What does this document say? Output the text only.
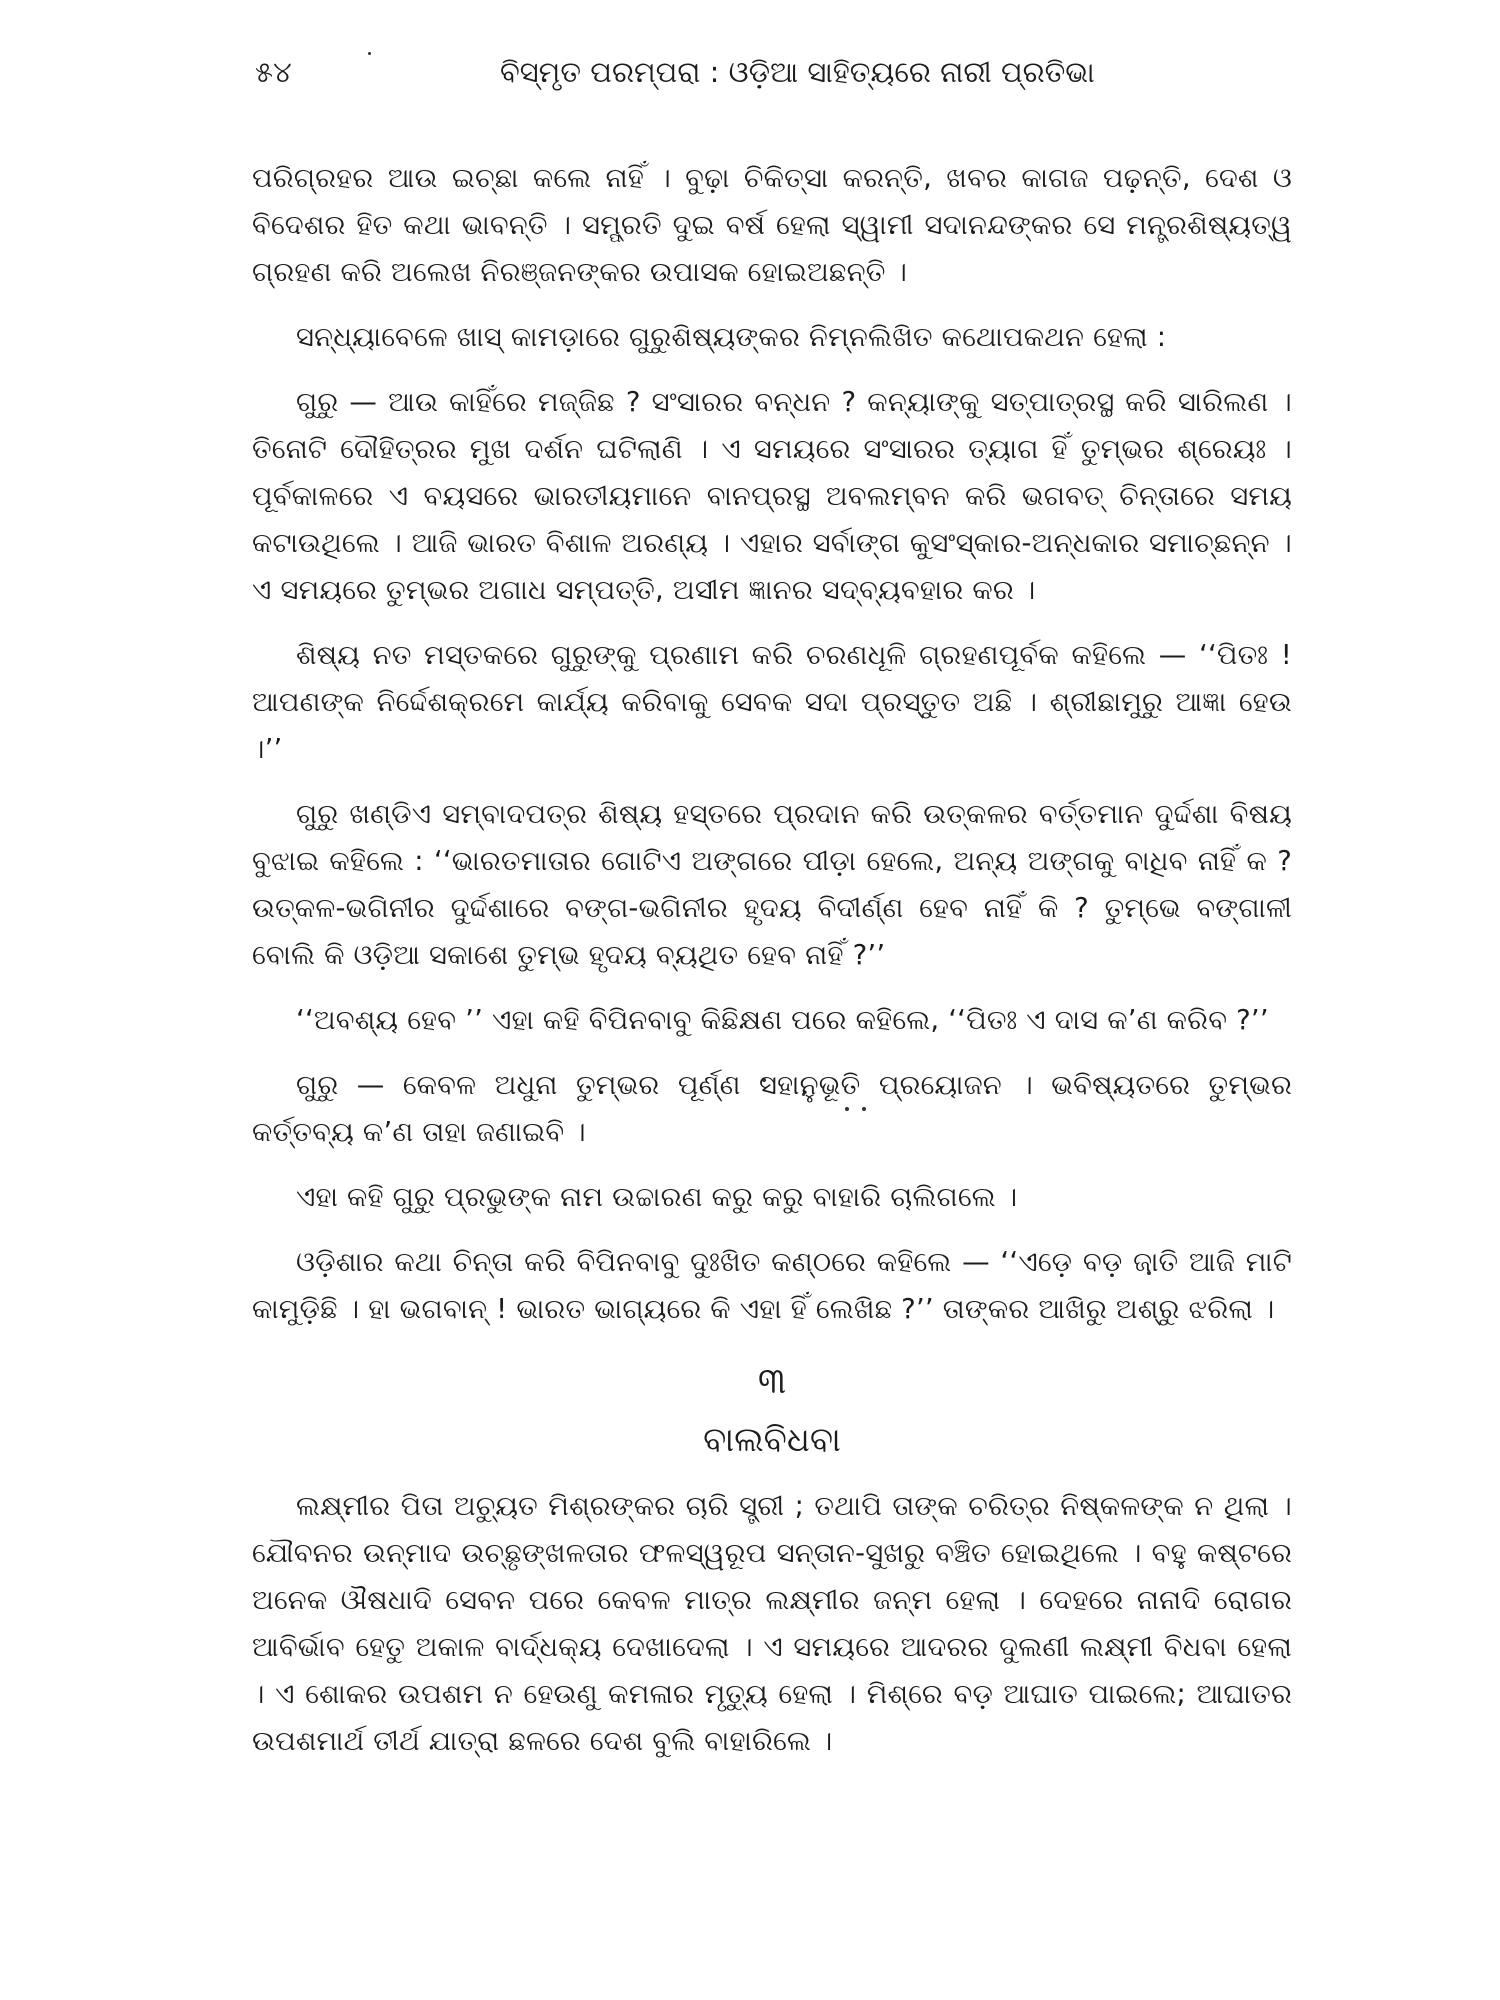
୫୪	ବିସ୍ମୃତ ପରମ୍ପରା : ଓଡ଼ିଆ ସାହିତ୍ୟରେ ନାରୀ ପ୍ରତିଭା

ପରିଗ୍ରହର ଆଉ ଇଚ୍ଛା କଲେ ନାହିଁ । ବୁଢ଼ା ଚିକିତ୍ସା କରନ୍ତି, ଖବର କାଗଜ ପଢ଼ନ୍ତି, ଦେଶ ଓ ବିଦେଶର ହିତ କଥା ଭାବନ୍ତି । ସମ୍ପ୍ରତି ଦୁଇ ବର୍ଷ ହେଲା ସ୍ୱାମୀ ସଦାନନ୍ଦଙ୍କର ସେ ମନ୍ତ୍ରଶିଷ୍ୟତ୍ୱ ଗ୍ରହଣ କରି ଅଲେଖ ନିରଞ୍ଜନଙ୍କର ଉପାସକ ହୋଇଅଛନ୍ତି ।

ସନ୍ଧ୍ୟାବେଳେ ଖାସ୍ କାମଡ଼ାରେ ଗୁରୁଶିଷ୍ୟଙ୍କର ନିମ୍ନଲିଖିତ କଥୋପକଥନ ହେଲା :

ଗୁରୁ — ଆଉ କାହିଁରେ ମଜ୍ଜିଛ ? ସଂସାରର ବନ୍ଧନ ? କନ୍ୟାଙ୍କୁ ସତ୍ପାତ୍ରସ୍ଥ କରି ସାରିଲଣ । ତିନୋଟି ଦୌହିତ୍ରର ମୁଖ ଦର୍ଶନ ଘଟିଲାଣି । ଏ ସମୟରେ ସଂସାରର ତ୍ୟାଗ ହିଁ ତୁମ୍ଭର ଶ୍ରେୟଃ । ପୂର୍ବକାଳରେ ଏ ବୟସରେ ଭାରତୀୟମାନେ ବାନପ୍ରସ୍ଥ ଅବଲମ୍ବନ କରି ଭଗବତ୍ ଚିନ୍ତାରେ ସମୟ କଟାଉଥିଲେ । ଆଜି ଭାରତ ବିଶାଳ ଅରଣ୍ୟ । ଏହାର ସର୍ବାଙ୍ଗ କୁସଂସ୍କାର-ଅନ୍ଧକାର ସମାଚ୍ଛନ୍ନ । ଏ ସମୟରେ ତୁମ୍ଭର ଅଗାଧ ସମ୍ପତ୍ତି, ଅସୀମ ଜ୍ଞାନର ସଦ୍ବ୍ୟବହାର କର ।

ଶିଷ୍ୟ ନତ ମସ୍ତକରେ ଗୁରୁଙ୍କୁ ପ୍ରଣାମ କରି ଚରଣଧୂଳି ଗ୍ରହଣପୂର୍ବକ କହିଲେ — ‘‘ପିତଃ ! ଆପଣଙ୍କ ନିର୍ଦ୍ଦେଶକ୍ରମେ କାର୍ଯ୍ୟ କରିବାକୁ ସେବକ ସଦା ପ୍ରସ୍ତୁତ ଅଛି । ଶ୍ରୀଛାମୁରୁ ଆଜ୍ଞା ହେଉ ।’’

ଗୁରୁ ଖଣ୍ଡିଏ ସମ୍ବାଦପତ୍ର ଶିଷ୍ୟ ହସ୍ତରେ ପ୍ରଦାନ କରି ଉତ୍କଳର ବର୍ତ୍ତମାନ ଦୁର୍ଦ୍ଦଶା ବିଷୟ ବୁଝାଇ କହିଲେ : ‘‘ଭାରତମାତାର ଗୋଟିଏ ଅଙ୍ଗରେ ପୀଡ଼ା ହେଲେ, ଅନ୍ୟ ଅଙ୍ଗକୁ ବାଧିବ ନାହିଁ କ ? ଉତ୍କଳ-ଭଗିନୀର ଦୁର୍ଦ୍ଦଶାରେ ବଙ୍ଗ-ଭଗିନୀର ହୃଦୟ ବିଦୀର୍ଣ୍ଣ ହେବ ନାହିଁ କି ? ତୁମ୍ଭେ ବଙ୍ଗାଳୀ ବୋଲି କି ଓଡ଼ିଆ ସକାଶେ ତୁମ୍ଭ ହୃଦୟ ବ୍ୟଥିତ ହେବ ନାହିଁ ?’’

‘‘ଅବଶ୍ୟ ହେବ ’’ ଏହା କହି ବିପିନବାବୁ କିଛିକ୍ଷଣ ପରେ କହିଲେ, ‘‘ପିତଃ ଏ ଦାସ କ’ଣ କରିବ ?’’

ଗୁରୁ — କେବଳ ଅଧୁନା ତୁମ୍ଭର ପୂର୍ଣ୍ଣ ସହାନୁଭୂତି ପ୍ରୟୋଜନ । ଭବିଷ୍ୟତରେ ତୁମ୍ଭର କର୍ତ୍ତବ୍ୟ କ’ଣ ତାହା ଜଣାଇବି ।

ଏହା କହି ଗୁରୁ ପ୍ରଭୁଙ୍କ ନାମ ଉଚ୍ଚାରଣ କରୁ କରୁ ବାହାରି ଚାଲିଗଲେ ।

ଓଡ଼ିଶାର କଥା ଚିନ୍ତା କରି ବିପିନବାବୁ ଦୁଃଖିତ କଣ୍ଠରେ କହିଲେ — ‘‘ଏଡ଼େ ବଡ଼ ଜାତି ଆଜି ମାଟି କାମୁଡ଼ିଛି । ହା ଭଗବାନ୍ ! ଭାରତ ଭାଗ୍ୟରେ କି ଏହା ହିଁ ଲେଖିଛ ?’’ ତାଙ୍କର ଆଖିରୁ ଅଶ୍ରୁ ଝରିଲା ।

୩
ବାଲବିଧବା

ଲକ୍ଷ୍ମୀର ପିତା ଅଚ୍ୟୁତ ମିଶ୍ରଙ୍କର ଚାରି ସ୍ତ୍ରୀ ; ତଥାପି ତାଙ୍କ ଚରିତ୍ର ନିଷ୍କଳଙ୍କ ନ ଥିଲା । ଯୌବନର ଉନ୍ମାଦ ଉଚ୍ଛୃଙ୍ଖଳତାର ଫଳସ୍ୱରୂପ ସନ୍ତାନ-ସୁଖରୁ ବଞ୍ଚିତ ହୋଇଥିଲେ । ବହୁ କଷ୍ଟରେ ଅନେକ ଔଷଧାଦି ସେବନ ପରେ କେବଳ ମାତ୍ର ଲକ୍ଷ୍ମୀର ଜନ୍ମ ହେଲା । ଦେହରେ ନାନାଦି ରୋଗର ଆବିର୍ଭାବ ହେତୁ ଅକାଳ ବାର୍ଦ୍ଧକ୍ୟ ଦେଖାଦେଲା । ଏ ସମୟରେ ଆଦରର ଦୁଲଣୀ ଲକ୍ଷ୍ମୀ ବିଧବା ହେଲା । ଏ ଶୋକର ଉପଶମ ନ ହେଉଣୁ କମଳାର ମୃତ୍ୟୁ ହେଲା । ମିଶ୍ରେ ବଡ଼ ଆଘାତ ପାଇଲେ; ଆଘାତର ଉପଶମାର୍ଥ ତୀର୍ଥ ଯାତ୍ରା ଛଳରେ ଦେଶ ବୁଲି ବାହାରିଲେ ।
